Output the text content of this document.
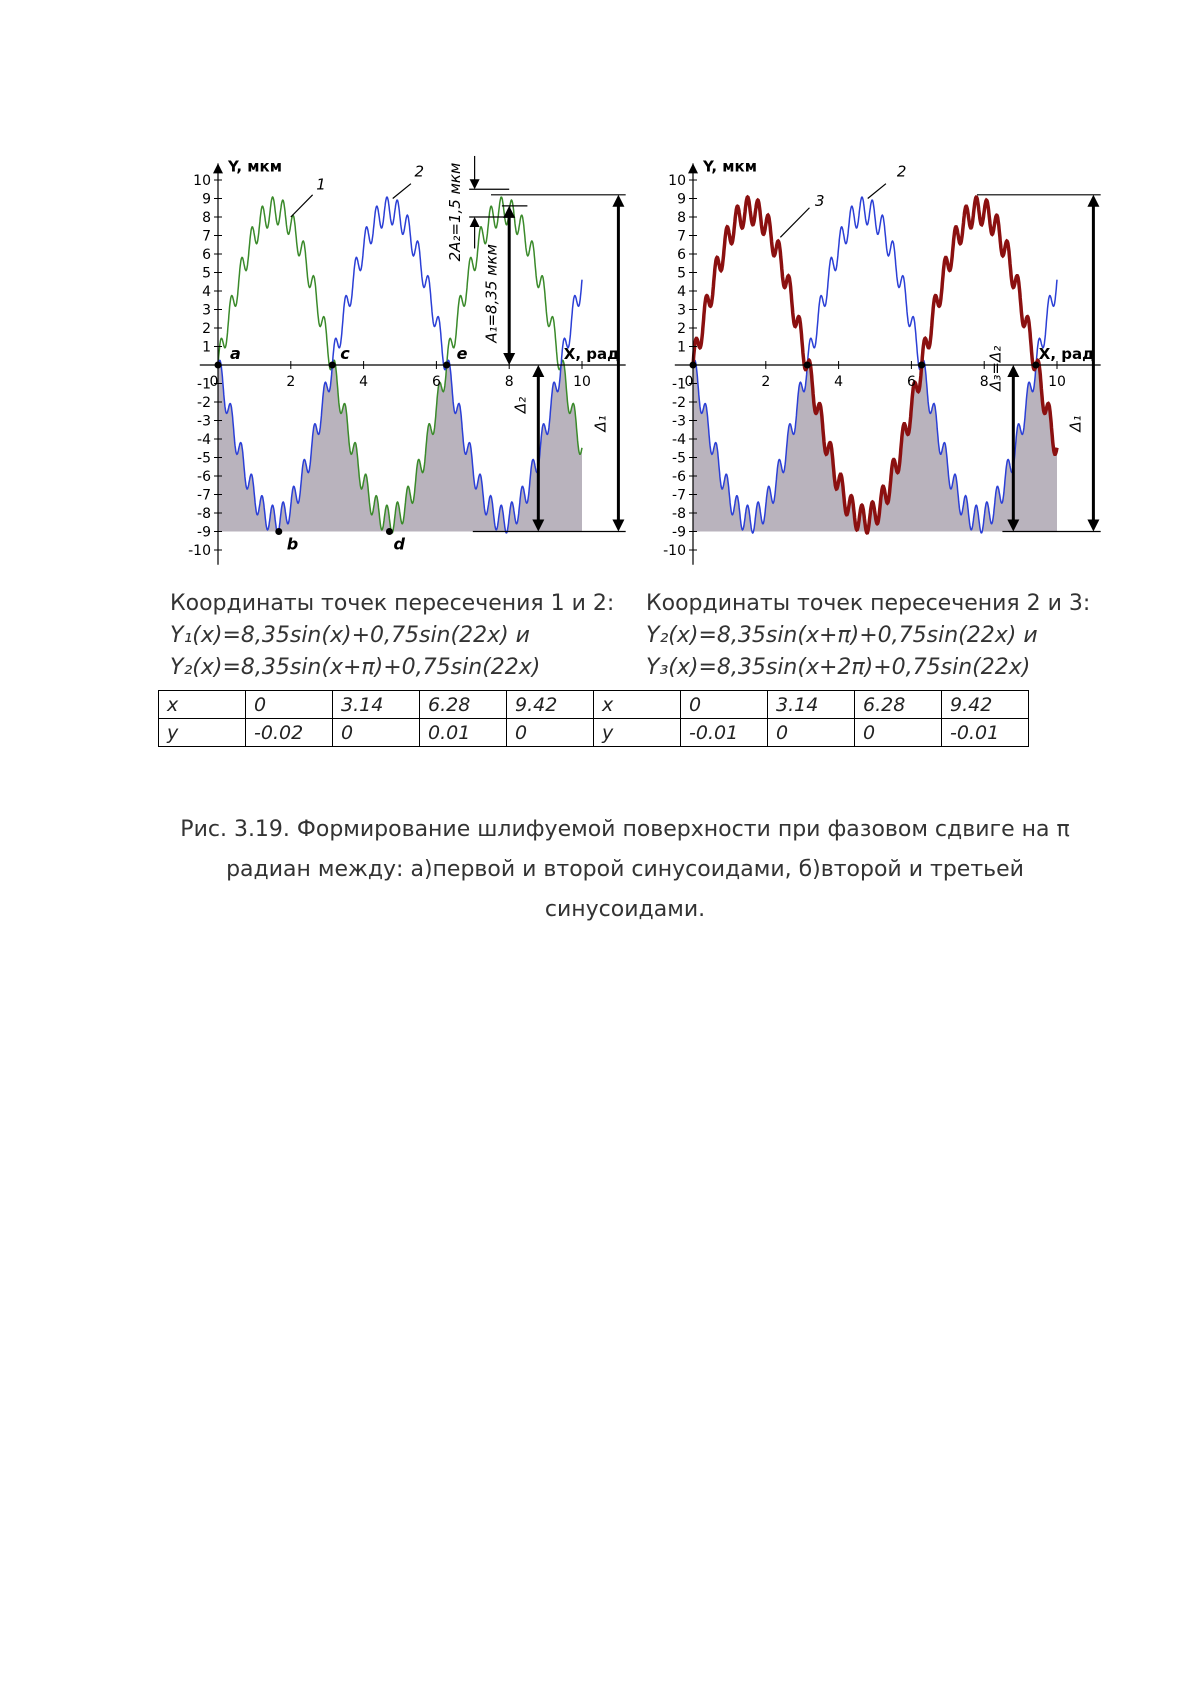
10
9
8
7
6
5
4
3
2
1
-1
-2
-3
-4
-5
-6
-7
-8
-9
-10
0	2	4	6	8	10
Y, мкм
X, рад
1
2
a
b
c
d
e
Δ₁
Δ₂
A₁=8,35 мкм
2A₂=1,5 мкм	10
9
8
7
6
5
4
3
2
1
-1
-2
-3
-4
-5
-6
-7
-8
-9
-10
0	2	4	6	8	10
Y, мкм
X, рад
3
2
Δ₁
Δ₃=Δ₂
Координаты точек пересечения 1 и 2:
Y₁(x)=8,35sin(x)+0,75sin(22x) и
Y₂(x)=8,35sin(x+π)+0,75sin(22x)
Координаты точек пересечения 2 и 3:
Y₂(x)=8,35sin(x+π)+0,75sin(22x) и
Y₃(x)=8,35sin(x+2π)+0,75sin(22x)
x	0	3.14	6.28	9.42	x	0	3.14	6.28	9.42
y	-0.02	0	0.01	0	y	-0.01	0	0	-0.01
Рис. 3.19. Формирование шлифуемой поверхности при фазовом сдвиге на π радиан между: а)первой и второй синусоидами, б)второй и третьей синусоидами.
